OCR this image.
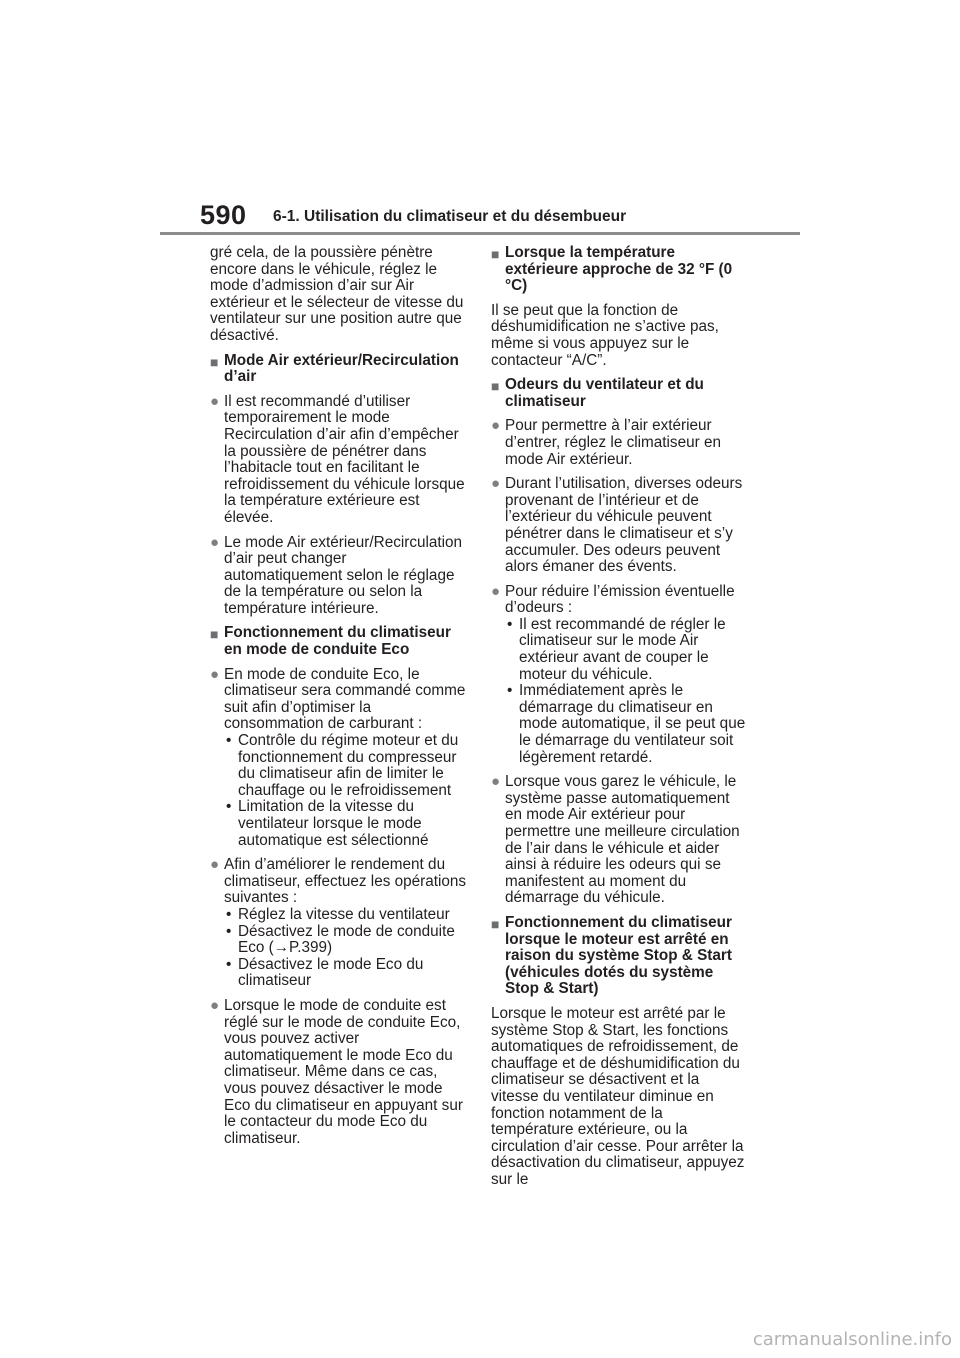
590 6-1. Utilisation du climatiseur et du désembueur

gré cela, de la poussière pénètre encore dans le véhicule, réglez le mode d’admission d’air sur Air extérieur et le sélecteur de vitesse du ventilateur sur une position autre que désactivé.

■ Mode Air extérieur/Recirculation d’air
● Il est recommandé d’utiliser temporairement le mode Recirculation d’air afin d’empêcher la poussière de pénétrer dans l’habitacle tout en facilitant le refroidissement du véhicule lorsque la température extérieure est élevée.
● Le mode Air extérieur/Recirculation d’air peut changer automatiquement selon le réglage de la température ou selon la température intérieure.
■ Fonctionnement du climatiseur en mode de conduite Eco
● En mode de conduite Eco, le climatiseur sera commandé comme suit afin d’optimiser la consommation de carburant :
• Contrôle du régime moteur et du fonctionnement du compresseur du climatiseur afin de limiter le chauffage ou le refroidissement
• Limitation de la vitesse du ventilateur lorsque le mode automatique est sélectionné
● Afin d’améliorer le rendement du climatiseur, effectuez les opérations suivantes :
• Réglez la vitesse du ventilateur
• Désactivez le mode de conduite Eco (→P.399)
• Désactivez le mode Eco du climatiseur
● Lorsque le mode de conduite est réglé sur le mode de conduite Eco, vous pouvez activer automatiquement le mode Eco du climatiseur. Même dans ce cas, vous pouvez désactiver le mode Eco du climatiseur en appuyant sur le contacteur du mode Eco du climatiseur.
■ Lorsque la température extérieure approche de 32 °F (0 °C)

Il se peut que la fonction de déshumidification ne s’active pas, même si vous appuyez sur le contacteur “A/C”.

■ Odeurs du ventilateur et du climatiseur
● Pour permettre à l’air extérieur d’entrer, réglez le climatiseur en mode Air extérieur.
● Durant l’utilisation, diverses odeurs provenant de l’intérieur et de l’extérieur du véhicule peuvent pénétrer dans le climatiseur et s’y accumuler. Des odeurs peuvent alors émaner des évents.
● Pour réduire l’émission éventuelle d’odeurs :
• Il est recommandé de régler le climatiseur sur le mode Air extérieur avant de couper le moteur du véhicule.
• Immédiatement après le démarrage du climatiseur en mode automatique, il se peut que le démarrage du ventilateur soit légèrement retardé.
● Lorsque vous garez le véhicule, le système passe automatiquement en mode Air extérieur pour permettre une meilleure circulation de l’air dans le véhicule et aider ainsi à réduire les odeurs qui se manifestent au moment du démarrage du véhicule.
■ Fonctionnement du climatiseur lorsque le moteur est arrêté en raison du système Stop & Start (véhicules dotés du système Stop & Start)

Lorsque le moteur est arrêté par le système Stop & Start, les fonctions automatiques de refroidissement, de chauffage et de déshumidification du climatiseur se désactivent et la vitesse du ventilateur diminue en fonction notamment de la température extérieure, ou la circulation d’air cesse. Pour arrêter la désactivation du climatiseur, appuyez sur le

carmanualsonline.info
